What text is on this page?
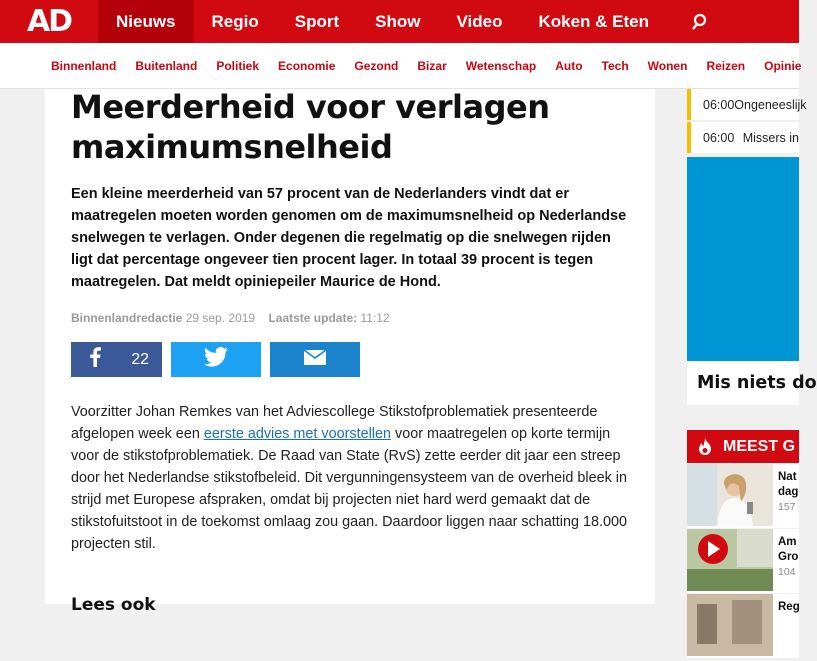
AD	Nieuws	Regio	Sport	Show	Video	Koken & Eten
Binnenland Buitenland Politiek Economie Gezond Bizar Wetenschap Auto Tech Wonen Reizen Opinie
Meerderheid voor verlagen maximumsnelheid

Een kleine meerderheid van 57 procent van de Nederlanders vindt dat er maatregelen moeten worden genomen om de maximumsnelheid op Nederlandse snelwegen te verlagen. Onder degenen die regelmatig op die snelwegen rijden ligt dat percentage ongeveer tien procent lager. In totaal 39 procent is tegen maatregelen. Dat meldt opiniepeiler Maurice de Hond.

Binnenlandredactie 29 sep. 2019 Laatste update: 11:12
22

Voorzitter Johan Remkes van het Adviescollege Stikstofproblematiek presenteerde afgelopen week een eerste advies met voorstellen voor maatregelen op korte termijn voor de stikstofproblematiek. De Raad van State (RvS) zette eerder dit jaar een streep door het Nederlandse stikstofbeleid. Dit vergunningensysteem van de overheid bleek in strijd met Europese afspraken, omdat bij projecten niet hard werd gemaakt dat de stikstofuitstoot in de toekomst omlaag zou gaan. Daardoor liggen naar schatting 18.000 projecten stil.

Lees ook
06:00 Ongeneeslijk
06:00 Missers in
Mis niets do
MEEST G
Nat
dag
157
Am
Gro
104
Reg
